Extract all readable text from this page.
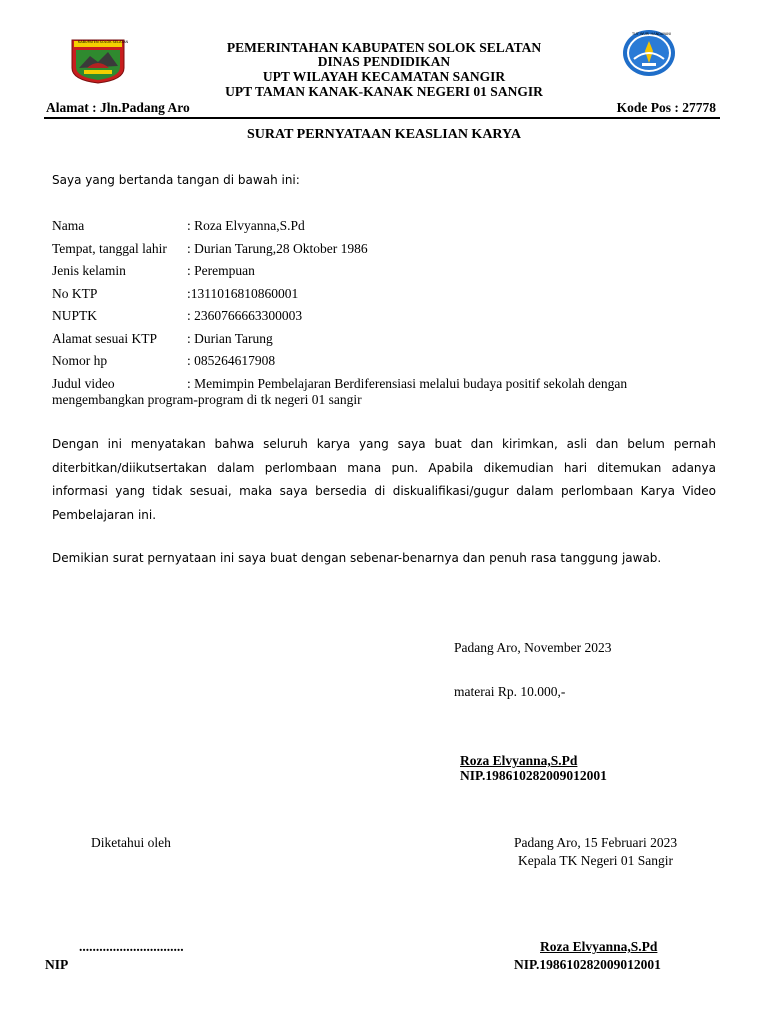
KABUPATEN SOLOK SELATAN
TUT WURI HANDAYANI
PEMERINTAHAN KABUPATEN SOLOK SELATAN
DINAS PENDIDIKAN
UPT WILAYAH KECAMATAN SANGIR
UPT TAMAN KANAK-KANAK NEGERI 01 SANGIR
Alamat : Jln.Padang Aro	Kode Pos : 27778
SURAT PERNYATAAN KEASLIAN KARYA
Saya yang bertanda tangan di bawah ini:
Nama	: Roza Elvyanna,S.Pd
Tempat, tanggal lahir : Durian Tarung,28 Oktober 1986
Jenis kelamin	: Perempuan
No KTP	:1311016810860001
NUPTK	: 2360766663300003
Alamat sesuai KTP : Durian Tarung
Nomor hp	: 085264617908
Judul video	: Memimpin Pembelajaran Berdiferensiasi melalui budaya positif sekolah dengan
mengembangkan program-program di tk negeri 01 sangir
Dengan ini menyatakan bahwa seluruh karya yang saya buat dan kirimkan, asli dan belum pernah diterbitkan/diikutsertakan dalam perlombaan mana pun. Apabila dikemudian hari ditemukan adanya informasi yang tidak sesuai, maka saya bersedia di diskualifikasi/gugur dalam perlombaan Karya Video Pembelajaran ini.
Demikian surat pernyataan ini saya buat dengan sebenar-benarnya dan penuh rasa tanggung jawab.
Padang Aro, November 2023
materai Rp. 10.000,-
Roza Elvyanna,S.Pd
NIP.198610282009012001
Diketahui oleh	Padang Aro, 15 Februari 2023
Kepala TK Negeri 01 Sangir
...............................
NIP
Roza Elvyanna,S.Pd
NIP.198610282009012001
